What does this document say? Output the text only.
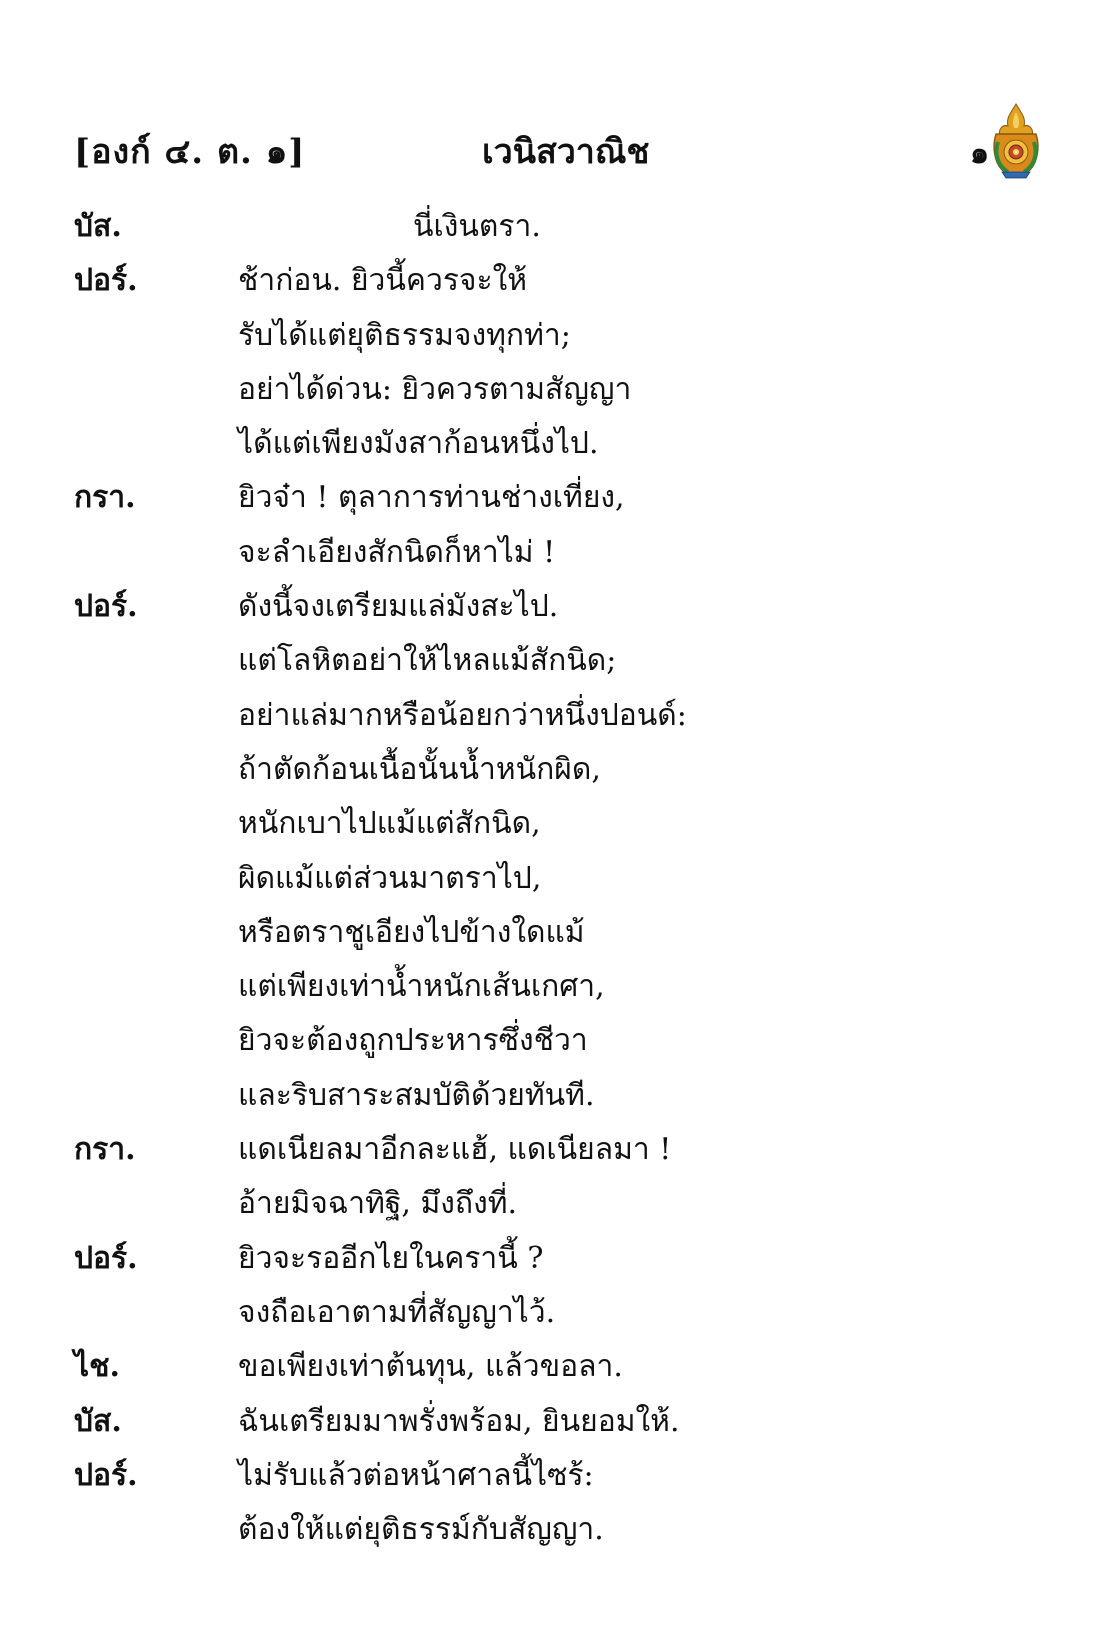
[องก์ ๔. ต. ๑]	เวนิสวาณิช	๑
บัส.	นี่เงินตรา.
ปอร์.	ช้าก่อน. ยิวนี้ควรจะให้
รับได้แต่ยุติธรรมจงทุกท่า;
อย่าได้ด่วน: ยิวควรตามสัญญา
ได้แต่เพียงมังสาก้อนหนึ่งไป.
กรา.	ยิวจ๋า ! ตุลาการท่านช่างเที่ยง,
จะลำเอียงสักนิดก็หาไม่ !
ปอร์.	ดังนี้จงเตรียมแล่มังสะไป.
แต่โลหิตอย่าให้ไหลแม้สักนิด;
อย่าแล่มากหรือน้อยกว่าหนึ่งปอนด์:
ถ้าตัดก้อนเนื้อนั้นน้ำหนักผิด,
หนักเบาไปแม้แต่สักนิด,
ผิดแม้แต่ส่วนมาตราไป,
หรือตราชูเอียงไปข้างใดแม้
แต่เพียงเท่าน้ำหนักเส้นเกศา,
ยิวจะต้องถูกประหารซึ่งชีวา
และริบสาระสมบัติด้วยทันที.
กรา.	แดเนียลมาอีกละแฮ้, แดเนียลมา !
อ้ายมิจฉาทิฐิ, มึงถึงที่.
ปอร์.	ยิวจะรออีกไยในครานี้ ?
จงถือเอาตามที่สัญญาไว้.
ไช.	ขอเพียงเท่าต้นทุน, แล้วขอลา.
บัส.	ฉันเตรียมมาพรั่งพร้อม, ยินยอมให้.
ปอร์.	ไม่รับแล้วต่อหน้าศาลนี้ไซร้:
ต้องให้แต่ยุติธรรม์กับสัญญา.
